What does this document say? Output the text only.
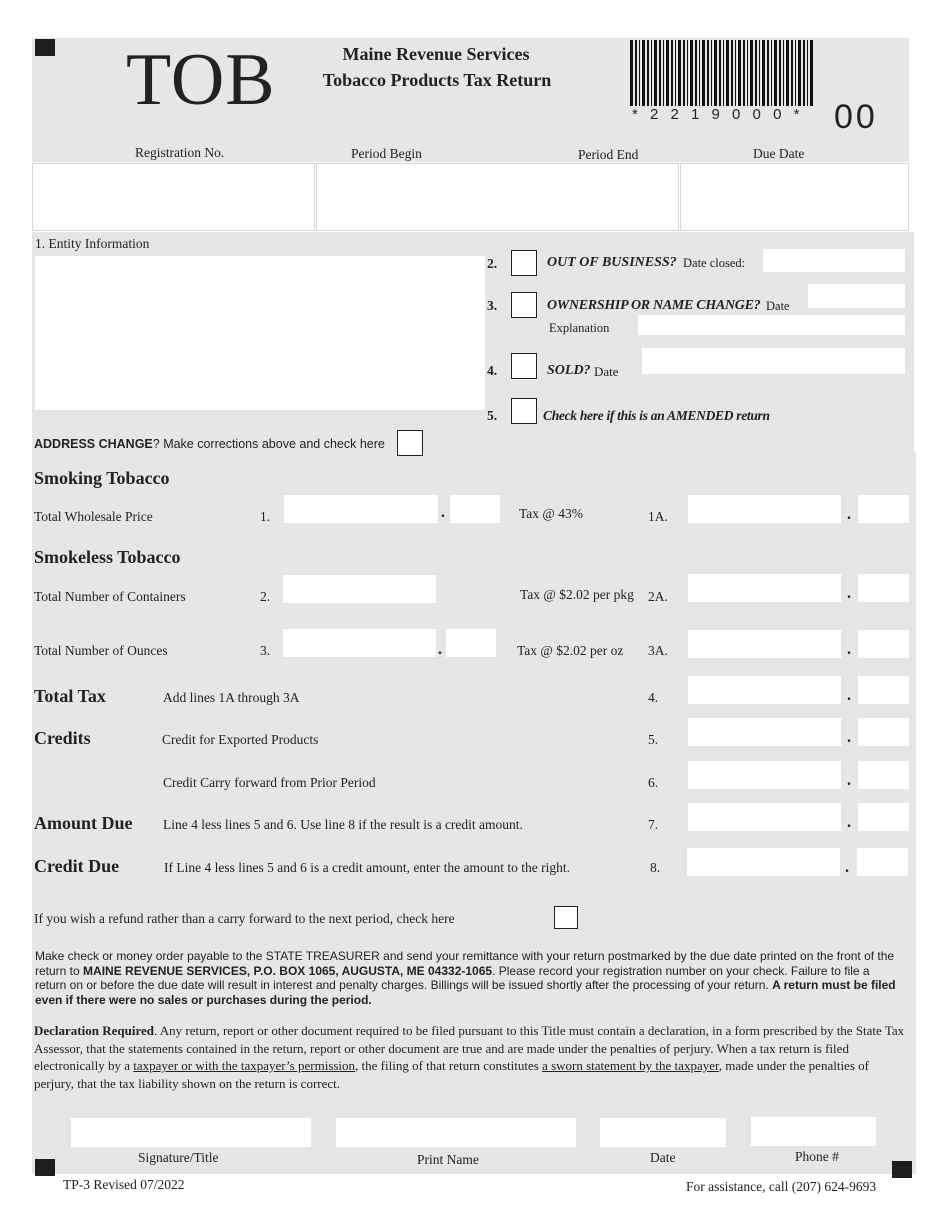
TOB	Maine Revenue Services
Tobacco Products Tax Return
* 2 2 1 9 0 0 0 * 00
Registration No.	Period Begin	Period End	Due Date
1. Entity Information
2.	OUT OF BUSINESS? Date closed:
3.	OWNERSHIP OR NAME CHANGE? Date
Explanation
4.	SOLD? Date
5.	Check here if this is an AMENDED return
ADDRESS CHANGE? Make corrections above and check here
Smoking Tobacco
Total Wholesale Price	1.	.	Tax @ 43%	1A.	.
Smokeless Tobacco
Total Number of Containers	2.	Tax @ $2.02 per pkg 2A.	.
Total Number of Ounces	3.	.	Tax @ $2.02 per oz 3A.	.
Total Tax	Add lines 1A through 3A	4.	.
Credits	Credit for Exported Products	5.	.
Credit Carry forward from Prior Period	6.	.
Amount Due Line 4 less lines 5 and 6. Use line 8 if the result is a credit amount.	7.	.
Credit Due	If Line 4 less lines 5 and 6 is a credit amount, enter the amount to the right.	8.	.
If you wish a refund rather than a carry forward to the next period, check here
Make check or money order payable to the STATE TREASURER and send your remittance with your return postmarked by the due date printed on the front of the return to MAINE REVENUE SERVICES, P.O. BOX 1065, AUGUSTA, ME 04332-1065. Please record your registration number on your check. Failure to file a return on or before the due date will result in interest and penalty charges. Billings will be issued shortly after the processing of your return. A return must be filed even if there were no sales or purchases during the period.
Declaration Required. Any return, report or other document required to be filed pursuant to this Title must contain a declaration, in a form prescribed by the State Tax Assessor, that the statements contained in the return, report or other document are true and are made under the penalties of perjury. When a tax return is filed electronically by a taxpayer or with the taxpayer’s permission, the filing of that return constitutes a sworn statement by the taxpayer, made under the penalties of perjury, that the tax liability shown on the return is correct.
Signature/Title	Print Name	Date	Phone #
TP-3 Revised 07/2022	For assistance, call (207) 624-9693
